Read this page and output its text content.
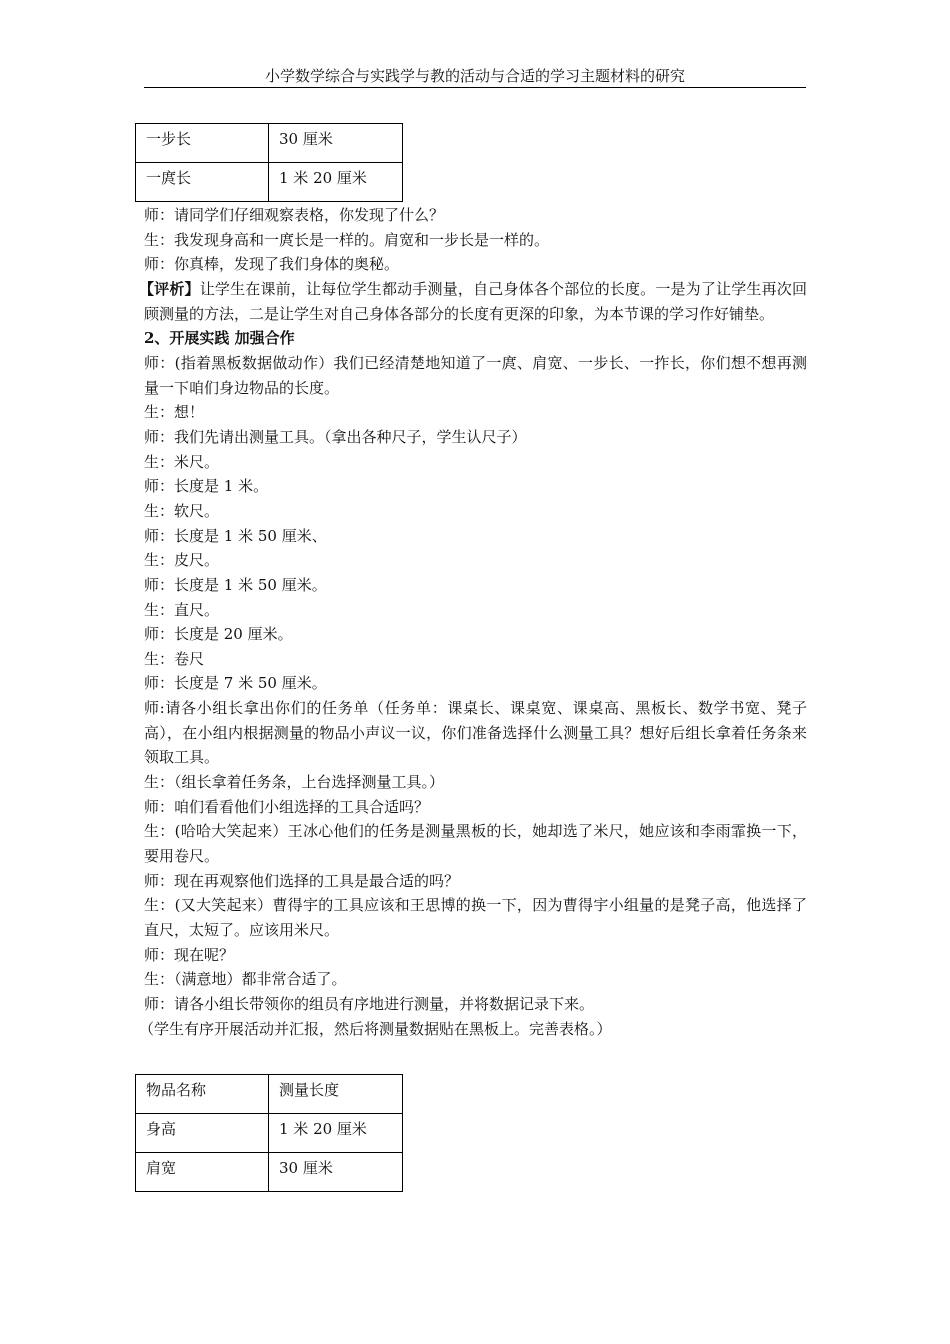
小学数学综合与实践学与教的活动与合适的学习主题材料的研究
一步长	30 厘米
一庹长	1 米 20 厘米

师：请同学们仔细观察表格，你发现了什么？

生：我发现身高和一庹长是一样的。肩宽和一步长是一样的。

师：你真棒，发现了我们身体的奥秘。

【评析】让学生在课前，让每位学生都动手测量，自己身体各个部位的长度。一是为了让学生再次回顾测量的方法，二是让学生对自己身体各部分的长度有更深的印象，为本节课的学习作好铺垫。

2、开展实践 加强合作

师：(指着黑板数据做动作）我们已经清楚地知道了一庹、肩宽、一步长、一拃长，你们想不想再测量一下咱们身边物品的长度。

生：想！

师：我们先请出测量工具。（拿出各种尺子，学生认尺子）

生：米尺。

师：长度是 1 米。

生：软尺。

师：长度是 1 米 50 厘米、

生：皮尺。

师：长度是 1 米 50 厘米。

生：直尺。

师：长度是 20 厘米。

生：卷尺

师：长度是 7 米 50 厘米。

师:请各小组长拿出你们的任务单（任务单：课桌长、课桌宽、课桌高、黑板长、数学书宽、凳子高），在小组内根据测量的物品小声议一议，你们准备选择什么测量工具？想好后组长拿着任务条来领取工具。

生：（组长拿着任务条，上台选择测量工具。）

师：咱们看看他们小组选择的工具合适吗？

生：(哈哈大笑起来）王冰心他们的任务是测量黑板的长，她却选了米尺，她应该和李雨霏换一下，要用卷尺。

师：现在再观察他们选择的工具是最合适的吗？

生：(又大笑起来）曹得宇的工具应该和王思博的换一下，因为曹得宇小组量的是凳子高，他选择了直尺，太短了。应该用米尺。

师：现在呢？

生：（满意地）都非常合适了。

师：请各小组长带领你的组员有序地进行测量，并将数据记录下来。

（学生有序开展活动并汇报，然后将测量数据贴在黑板上。完善表格。）

物品名称	测量长度
身高	1 米 20 厘米
肩宽	30 厘米
